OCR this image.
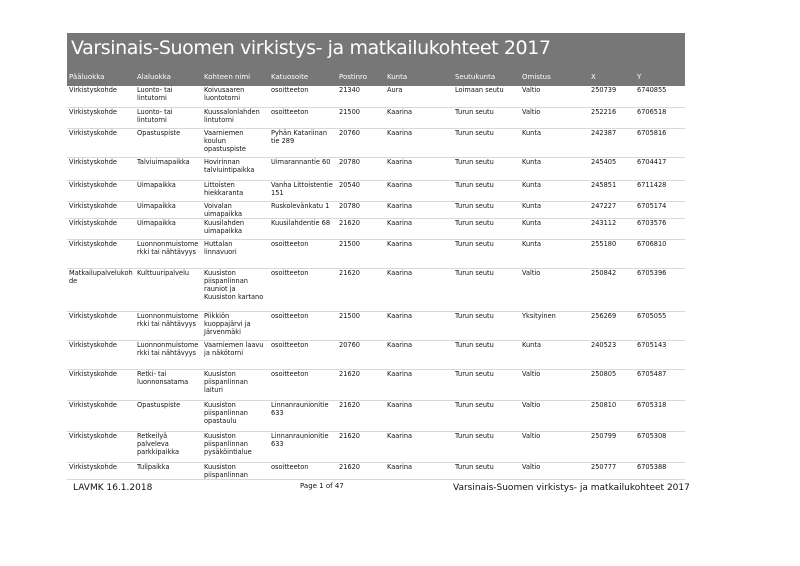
Varsinais-Suomen virkistys- ja matkailukohteet 2017
Pääluokka	Alaluokka	Kohteen nimi	Katuosoite	Postinro	Kunta	Seutukunta	Omistus	X	Y
Virkistyskohde	Luonto- tai lintutorni	Koivusaaren luontotorni	osoitteeton	21340	Aura	Loimaan seutu	Valtio	250739	6740855
Virkistyskohde	Luonto- tai lintutorni	Kuussalonlahden lintutorni	osoitteeton	21500	Kaarina	Turun seutu	Valtio	252216	6706518
Virkistyskohde	Opastuspiste	Vaarniemen koulun opastuspiste	Pyhän Katariinan tie 289	20760	Kaarina	Turun seutu	Kunta	242387	6705816
Virkistyskohde	Talviuimapaikka	Hovirinnan talviuintipaikka	Uimarannantie 60	20780	Kaarina	Turun seutu	Kunta	245405	6704417
Virkistyskohde	Uimapaikka	Littoisten hiekkaranta	Vanha Littoistentie 151	20540	Kaarina	Turun seutu	Kunta	245851	6711428
Virkistyskohde	Uimapaikka	Voivalan uimapaikka	Ruskolevänkatu 1	20780	Kaarina	Turun seutu	Kunta	247227	6705174
Virkistyskohde	Uimapaikka	Kuusilahden uimapaikka	Kuusilahdentie 68	21620	Kaarina	Turun seutu	Kunta	243112	6703576
Virkistyskohde	Luonnonmuistomerkki tai nähtävyys	Huttalan linnavuori	osoitteeton	21500	Kaarina	Turun seutu	Kunta	255180	6706810
Matkailupalvelukohde	Kulttuuripalvelu	Kuusiston piispanlinnan rauniot ja Kuusiston kartano	osoitteeton	21620	Kaarina	Turun seutu	Valtio	250842	6705396
Virkistyskohde	Luonnonmuistomerkki tai nähtävyys	Piikkiön kuoppajärvi ja Järvenmäki	osoitteeton	21500	Kaarina	Turun seutu	Yksityinen	256269	6705055
Virkistyskohde	Luonnonmuistomerkki tai nähtävyys	Vaarniemen laavu ja näkötorni	osoitteeton	20760	Kaarina	Turun seutu	Kunta	240523	6705143
Virkistyskohde	Retki- tai luonnonsatama	Kuusiston piispanlinnan laituri	osoitteeton	21620	Kaarina	Turun seutu	Valtio	250805	6705487
Virkistyskohde	Opastuspiste	Kuusiston piispanlinnan opastaulu	Linnanraunionitie 633	21620	Kaarina	Turun seutu	Valtio	250810	6705318
Virkistyskohde	Retkeilyä palveleva parkkipaikka	Kuusiston piispanlinnan pysäköintialue	Linnanraunionitie 633	21620	Kaarina	Turun seutu	Valtio	250799	6705308
Virkistyskohde	Tulipaikka	Kuusiston piispanlinnan	osoitteeton	21620	Kaarina	Turun seutu	Valtio	250777	6705388
LAVMK 16.1.2018	Page 1 of 47	Varsinais-Suomen virkistys- ja matkailukohteet 2017
